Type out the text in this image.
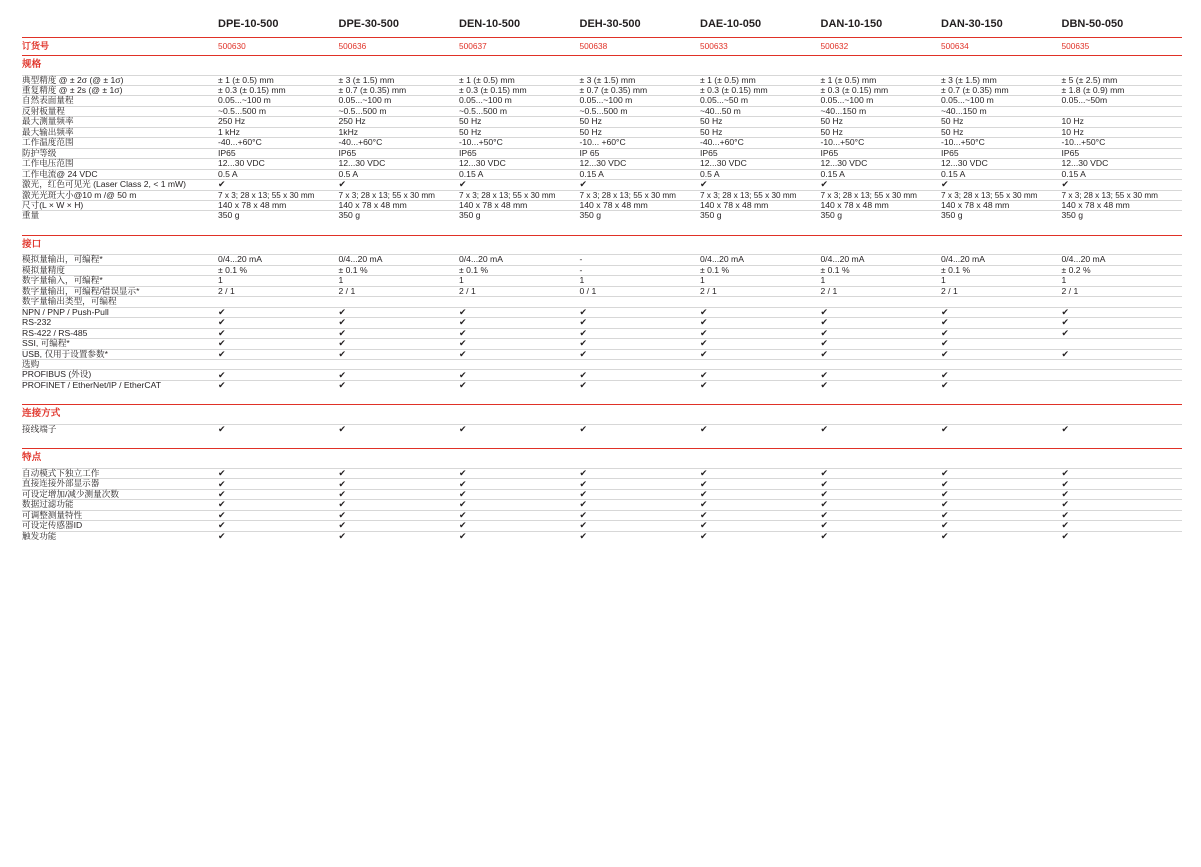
	DPE-10-500	DPE-30-500	DEN-10-500	DEH-30-500	DAE-10-050	DAN-10-150	DAN-30-150	DBN-50-050
订货号	500630	500636	500637	500638	500633	500632	500634	500635
规格								
典型精度 @ ± 2σ (@ ± 1σ)	± 1 (± 0.5) mm	± 3 (± 1.5) mm	± 1 (± 0.5) mm	± 3 (± 1.5) mm	± 1 (± 0.5) mm	± 1 (± 0.5) mm	± 3 (± 1.5) mm	± 5 (± 2.5) mm
重复精度 @ ± 2s (@ ± 1σ)	± 0.3 (± 0.15) mm	± 0.7 (± 0.35) mm	± 0.3 (± 0.15) mm	± 0.7 (± 0.35) mm	± 0.3 (± 0.15) mm	± 0.3 (± 0.15) mm	± 0.7 (± 0.35) mm	± 1.8 (± 0.9) mm
自然表面量程	0.05...~100 m	0.05...~100 m	0.05...~100 m	0.05...~100 m	0.05...~50 m	0.05...~100 m	0.05...~100 m	0.05...~50m
反射板量程	~0.5...500 m	~0.5...500 m	~0.5...500 m	~0.5...500 m	~40...50 m	~40...150 m	~40...150 m	
最大测量频率	250 Hz	250 Hz	50 Hz	50 Hz	50 Hz	50 Hz	50 Hz	10 Hz
最大输出频率	1 kHz	1kHz	50 Hz	50 Hz	50 Hz	50 Hz	50 Hz	10 Hz
工作温度范围	-40...+60°C	-40...+60°C	-10...+50°C	-10... +60°C	-40...+60°C	-10...+50°C	-10...+50°C	-10...+50°C
防护等级	IP65	IP65	IP65	IP 65	IP65	IP65	IP65	IP65
工作电压范围	12...30 VDC	12...30 VDC	12...30 VDC	12...30 VDC	12...30 VDC	12...30 VDC	12...30 VDC	12...30 VDC
工作电流@ 24 VDC	0.5 A	0.5 A	0.15 A	0.15 A	0.5 A	0.15 A	0.15 A	0.15 A
激光，红色可见光 (Laser Class 2, < 1 mW)	✔	✔	✔	✔	✔	✔	✔	✔
激光光斑大小@10 m /@ 50 m	7 x 3; 28 x 13; 55 x 30 mm	7 x 3; 28 x 13; 55 x 30 mm	7 x 3; 28 x 13; 55 x 30 mm	7 x 3; 28 x 13; 55 x 30 mm	7 x 3; 28 x 13; 55 x 30 mm	7 x 3; 28 x 13; 55 x 30 mm	7 x 3; 28 x 13; 55 x 30 mm	7 x 3; 28 x 13; 55 x 30 mm
尺寸(L × W × H)	140 x 78 x 48 mm	140 x 78 x 48 mm	140 x 78 x 48 mm	140 x 78 x 48 mm	140 x 78 x 48 mm	140 x 78 x 48 mm	140 x 78 x 48 mm	140 x 78 x 48 mm
重量	350 g	350 g	350 g	350 g	350 g	350 g	350 g	350 g

接口								
模拟量输出，可编程*	0/4...20 mA	0/4...20 mA	0/4...20 mA	-	0/4...20 mA	0/4...20 mA	0/4...20 mA	0/4...20 mA
模拟量精度	± 0.1 %	± 0.1 %	± 0.1 %	-	± 0.1 %	± 0.1 %	± 0.1 %	± 0.2 %
数字量输入，可编程*	1	1	1	1	1	1	1	1
数字量输出，可编程/错误显示*	2 / 1	2 / 1	2 / 1	0 / 1	2 / 1	2 / 1	2 / 1	2 / 1
数字量输出类型，可编程								
NPN / PNP / Push-Pull	✔	✔	✔	✔	✔	✔	✔	✔
RS-232	✔	✔	✔	✔	✔	✔	✔	✔
RS-422 / RS-485	✔	✔	✔	✔	✔	✔	✔	✔
SSI, 可编程*	✔	✔	✔	✔	✔	✔	✔	
USB, 仅用于设置参数*	✔	✔	✔	✔	✔	✔	✔	✔
选购								
PROFIBUS (外设)	✔	✔	✔	✔	✔	✔	✔	
PROFINET / EtherNet/IP / EtherCAT	✔	✔	✔	✔	✔	✔	✔	

连接方式								
接线端子	✔	✔	✔	✔	✔	✔	✔	✔

特点								
自动模式下独立工作	✔	✔	✔	✔	✔	✔	✔	✔
直接连接外部显示器	✔	✔	✔	✔	✔	✔	✔	✔
可设定增加/减少测量次数	✔	✔	✔	✔	✔	✔	✔	✔
数据过滤功能	✔	✔	✔	✔	✔	✔	✔	✔
可调整测量特性	✔	✔	✔	✔	✔	✔	✔	✔
可设定传感器ID	✔	✔	✔	✔	✔	✔	✔	✔
触发功能	✔	✔	✔	✔	✔	✔	✔	✔
